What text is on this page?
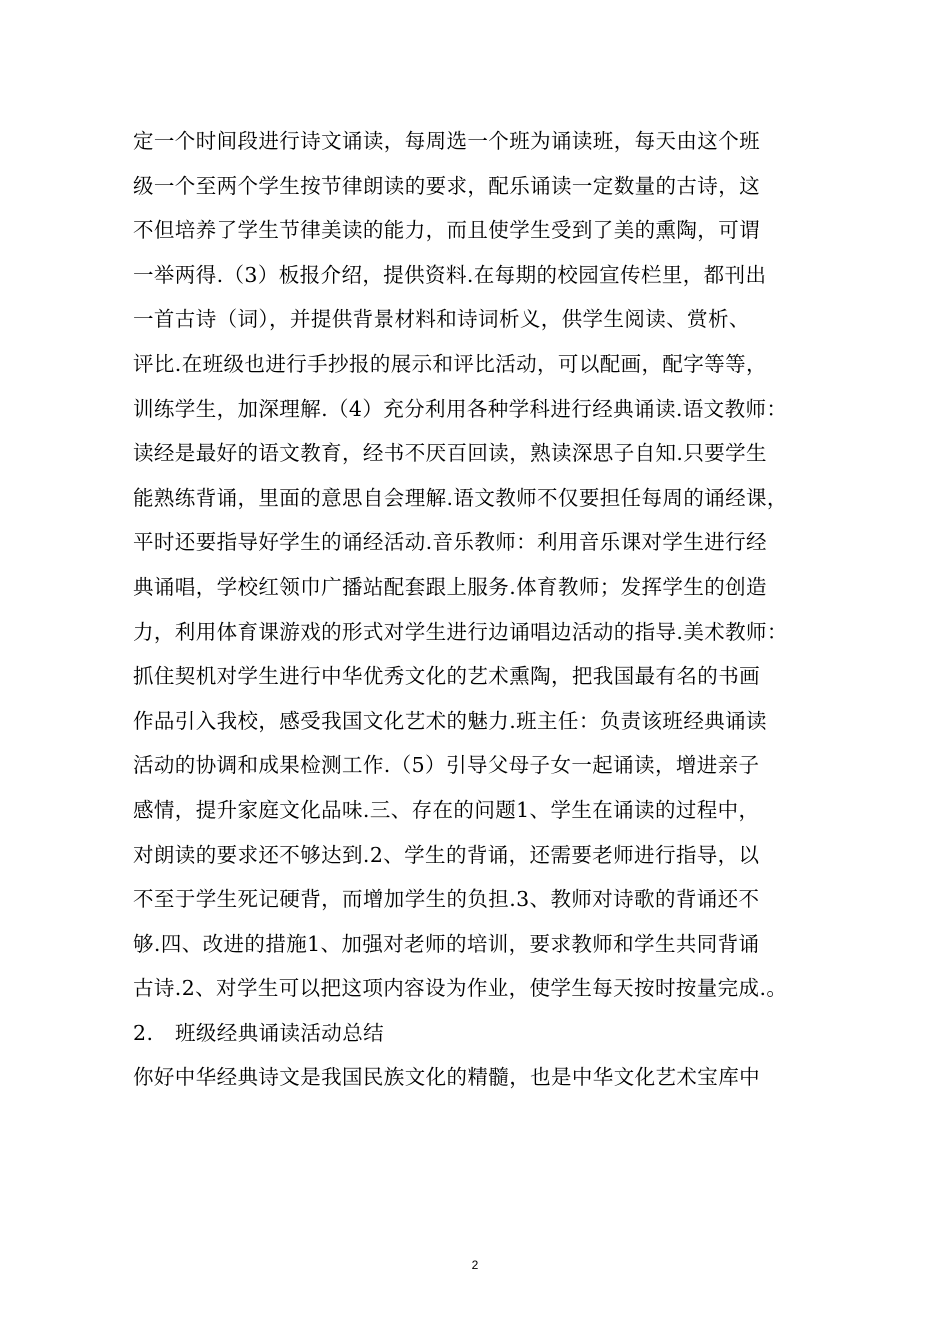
定一个时间段进行诗文诵读，每周选一个班为诵读班，每天由这个班
级一个至两个学生按节律朗读的要求，配乐诵读一定数量的古诗，这
不但培养了学生节律美读的能力，而且使学生受到了美的熏陶，可谓
一举两得.（3）板报介绍，提供资料.在每期的校园宣传栏里，都刊出
一首古诗（词），并提供背景材料和诗词析义，供学生阅读、赏析、
评比.在班级也进行手抄报的展示和评比活动，可以配画，配字等等，
训练学生，加深理解.（4）充分利用各种学科进行经典诵读.语文教师：
读经是最好的语文教育，经书不厌百回读，熟读深思子自知.只要学生
能熟练背诵，里面的意思自会理解.语文教师不仅要担任每周的诵经课，
平时还要指导好学生的诵经活动.音乐教师：利用音乐课对学生进行经
典诵唱，学校红领巾广播站配套跟上服务.体育教师；发挥学生的创造
力，利用体育课游戏的形式对学生进行边诵唱边活动的指导.美术教师：
抓住契机对学生进行中华优秀文化的艺术熏陶，把我国最有名的书画
作品引入我校，感受我国文化艺术的魅力.班主任：负责该班经典诵读
活动的协调和成果检测工作.（5）引导父母子女一起诵读，增进亲子
感情，提升家庭文化品味.三、存在的问题1、学生在诵读的过程中，
对朗读的要求还不够达到.2、学生的背诵，还需要老师进行指导，以
不至于学生死记硬背，而增加学生的负担.3、教师对诗歌的背诵还不
够.四、改进的措施1、加强对老师的培训，要求教师和学生共同背诵
古诗.2、对学生可以把这项内容设为作业，使学生每天按时按量完成.。
2. 班级经典诵读活动总结
你好中华经典诗文是我国民族文化的精髓，也是中华文化艺术宝库中
2
